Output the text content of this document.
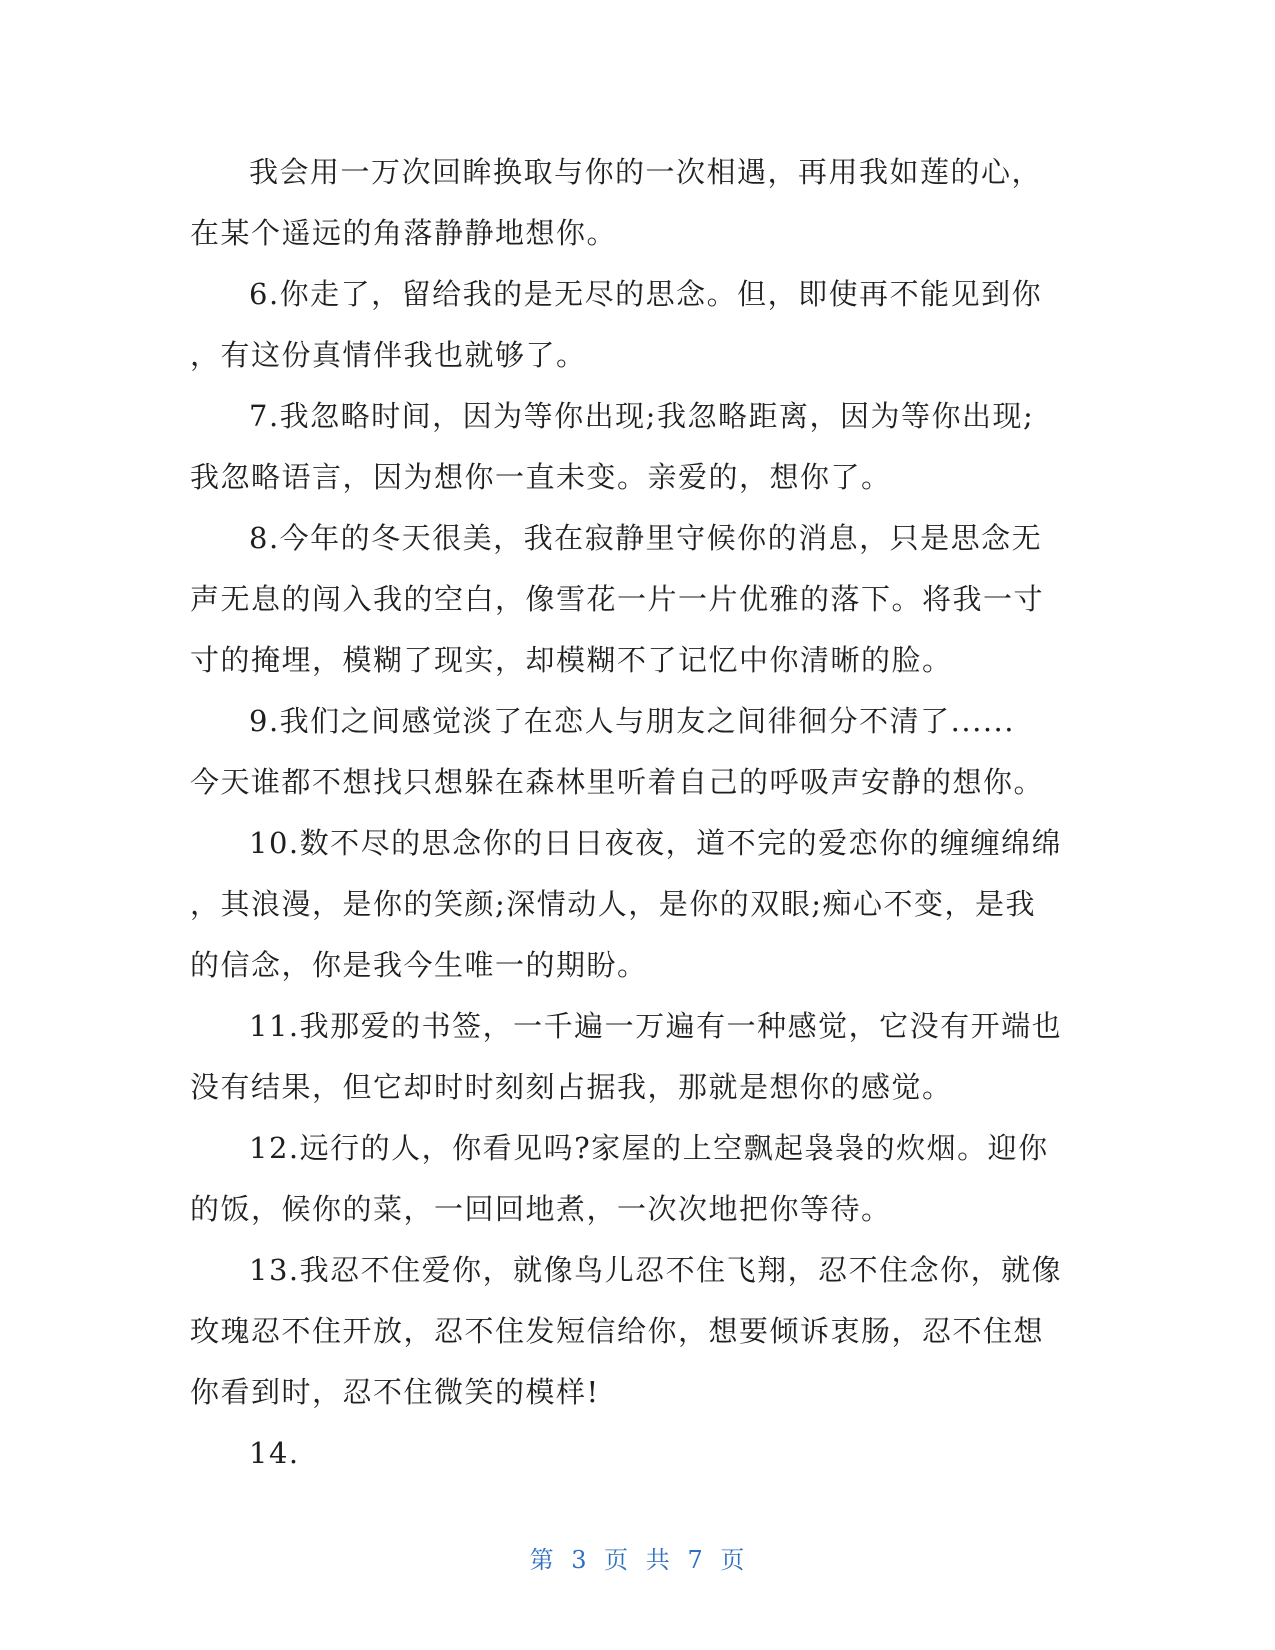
我会用一万次回眸换取与你的一次相遇，再用我如莲的心，
在某个遥远的角落静静地想你。

6.你走了，留给我的是无尽的思念。但，即使再不能见到你
，有这份真情伴我也就够了。

7.我忽略时间，因为等你出现;我忽略距离，因为等你出现;
我忽略语言，因为想你一直未变。亲爱的，想你了。

8.今年的冬天很美，我在寂静里守候你的消息，只是思念无
声无息的闯入我的空白，像雪花一片一片优雅的落下。将我一寸
寸的掩埋，模糊了现实，却模糊不了记忆中你清晰的脸。

9.我们之间感觉淡了在恋人与朋友之间徘徊分不清了......
今天谁都不想找只想躲在森林里听着自己的呼吸声安静的想你。

10.数不尽的思念你的日日夜夜，道不完的爱恋你的缠缠绵绵
，其浪漫，是你的笑颜;深情动人，是你的双眼;痴心不变，是我
的信念，你是我今生唯一的期盼。

11.我那爱的书签，一千遍一万遍有一种感觉，它没有开端也
没有结果，但它却时时刻刻占据我，那就是想你的感觉。

12.远行的人，你看见吗?家屋的上空飘起袅袅的炊烟。迎你
的饭，候你的菜，一回回地煮，一次次地把你等待。

13.我忍不住爱你，就像鸟儿忍不住飞翔，忍不住念你，就像
玫瑰忍不住开放，忍不住发短信给你，想要倾诉衷肠，忍不住想
你看到时，忍不住微笑的模样!

14.

第 3 页 共 7 页
